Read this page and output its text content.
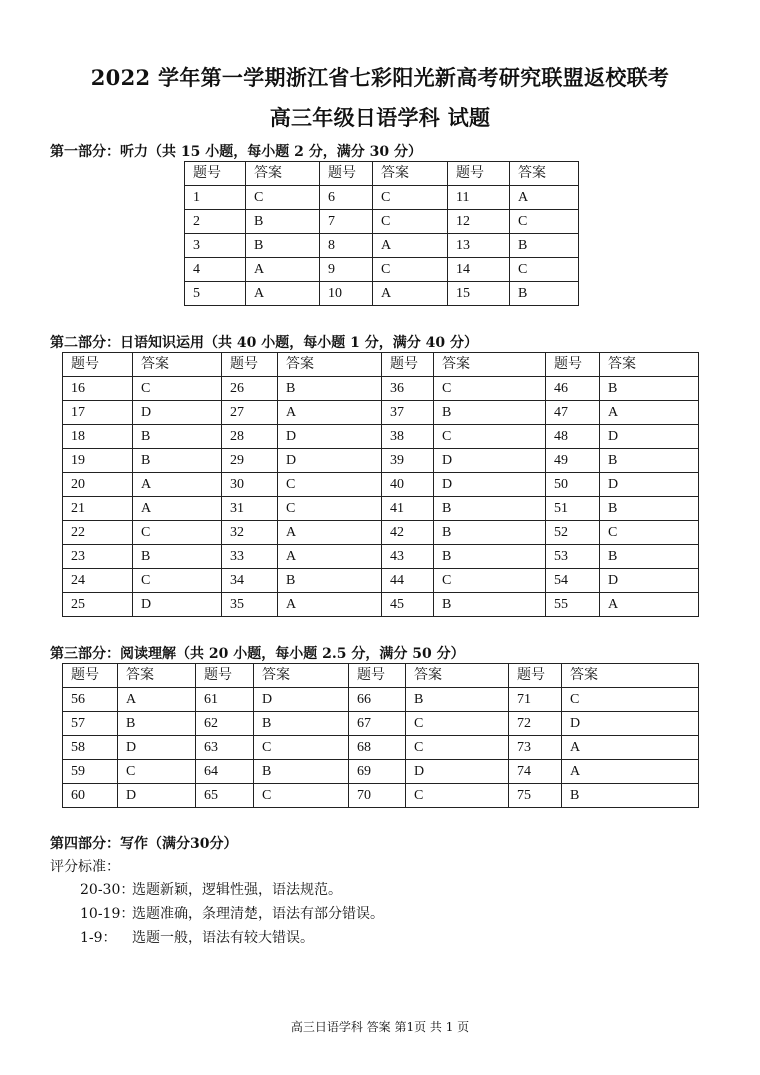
2022 学年第一学期浙江省七彩阳光新高考研究联盟返校联考
高三年级日语学科 试题
第一部分：听力（共 15 小题，每小题 2 分，满分 30 分）
题号	答案	题号	答案	题号	答案
1	C	6	C	11	A
2	B	7	C	12	C
3	B	8	A	13	B
4	A	9	C	14	C
5	A	10	A	15	B
第二部分：日语知识运用（共 40 小题，每小题 1 分，满分 40 分）
题号	答案	题号	答案	题号	答案	题号	答案
16	C	26	B	36	C	46	B
17	D	27	A	37	B	47	A
18	B	28	D	38	C	48	D
19	B	29	D	39	D	49	B
20	A	30	C	40	D	50	D
21	A	31	C	41	B	51	B
22	C	32	A	42	B	52	C
23	B	33	A	43	B	53	B
24	C	34	B	44	C	54	D
25	D	35	A	45	B	55	A
第三部分：阅读理解（共 20 小题，每小题 2.5 分，满分 50 分）
题号	答案	题号	答案	题号	答案	题号	答案
56	A	61	D	66	B	71	C
57	B	62	B	67	C	72	D
58	D	63	C	68	C	73	A
59	C	64	B	69	D	74	A
60	D	65	C	70	C	75	B
第四部分：写作（满分30分）
评分标准：
20-30：
选题新颖，逻辑性强，语法规范。
10-19：
选题准确，条理清楚，语法有部分错误。
1-9： 选题一般，语法有较大错误。
高三日语学科 答案 第1页 共 1 页
